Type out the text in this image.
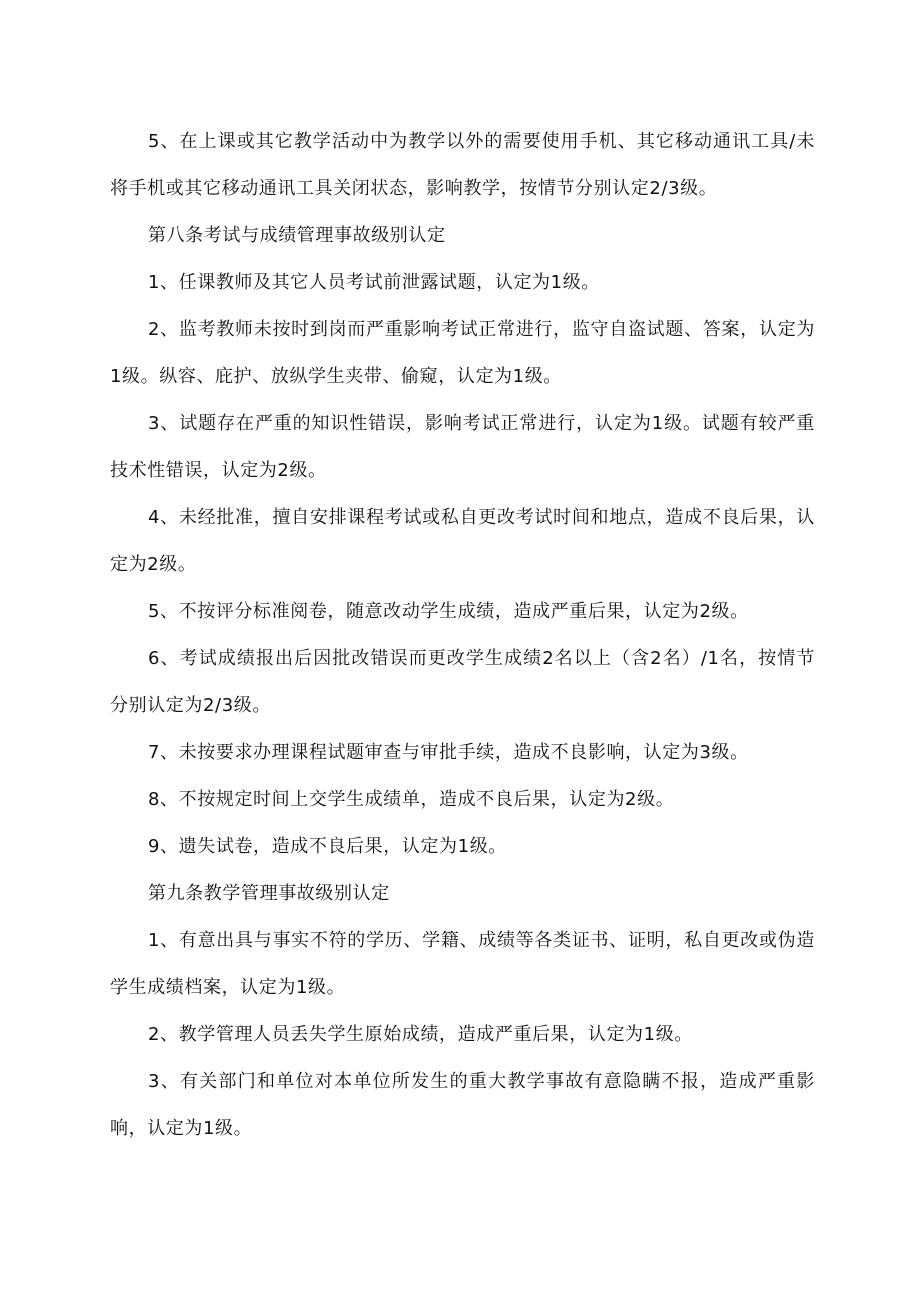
5、在上课或其它教学活动中为教学以外的需要使用手机、其它移动通讯工具/未将手机或其它移动通讯工具关闭状态，影响教学，按情节分别认定2/3级。

第八条考试与成绩管理事故级别认定

1、任课教师及其它人员考试前泄露试题，认定为1级。

2、监考教师未按时到岗而严重影响考试正常进行，监守自盗试题、答案，认定为1级。纵容、庇护、放纵学生夹带、偷窥，认定为1级。

3、试题存在严重的知识性错误，影响考试正常进行，认定为1级。试题有较严重技术性错误，认定为2级。

4、未经批准，擅自安排课程考试或私自更改考试时间和地点，造成不良后果，认定为2级。

5、不按评分标准阅卷，随意改动学生成绩，造成严重后果，认定为2级。

6、考试成绩报出后因批改错误而更改学生成绩2名以上（含2名）/1名，按情节分别认定为2/3级。

7、未按要求办理课程试题审查与审批手续，造成不良影响，认定为3级。

8、不按规定时间上交学生成绩单，造成不良后果，认定为2级。

9、遗失试卷，造成不良后果，认定为1级。

第九条教学管理事故级别认定

1、有意出具与事实不符的学历、学籍、成绩等各类证书、证明，私自更改或伪造学生成绩档案，认定为1级。

2、教学管理人员丢失学生原始成绩，造成严重后果，认定为1级。

3、有关部门和单位对本单位所发生的重大教学事故有意隐瞒不报，造成严重影响，认定为1级。
